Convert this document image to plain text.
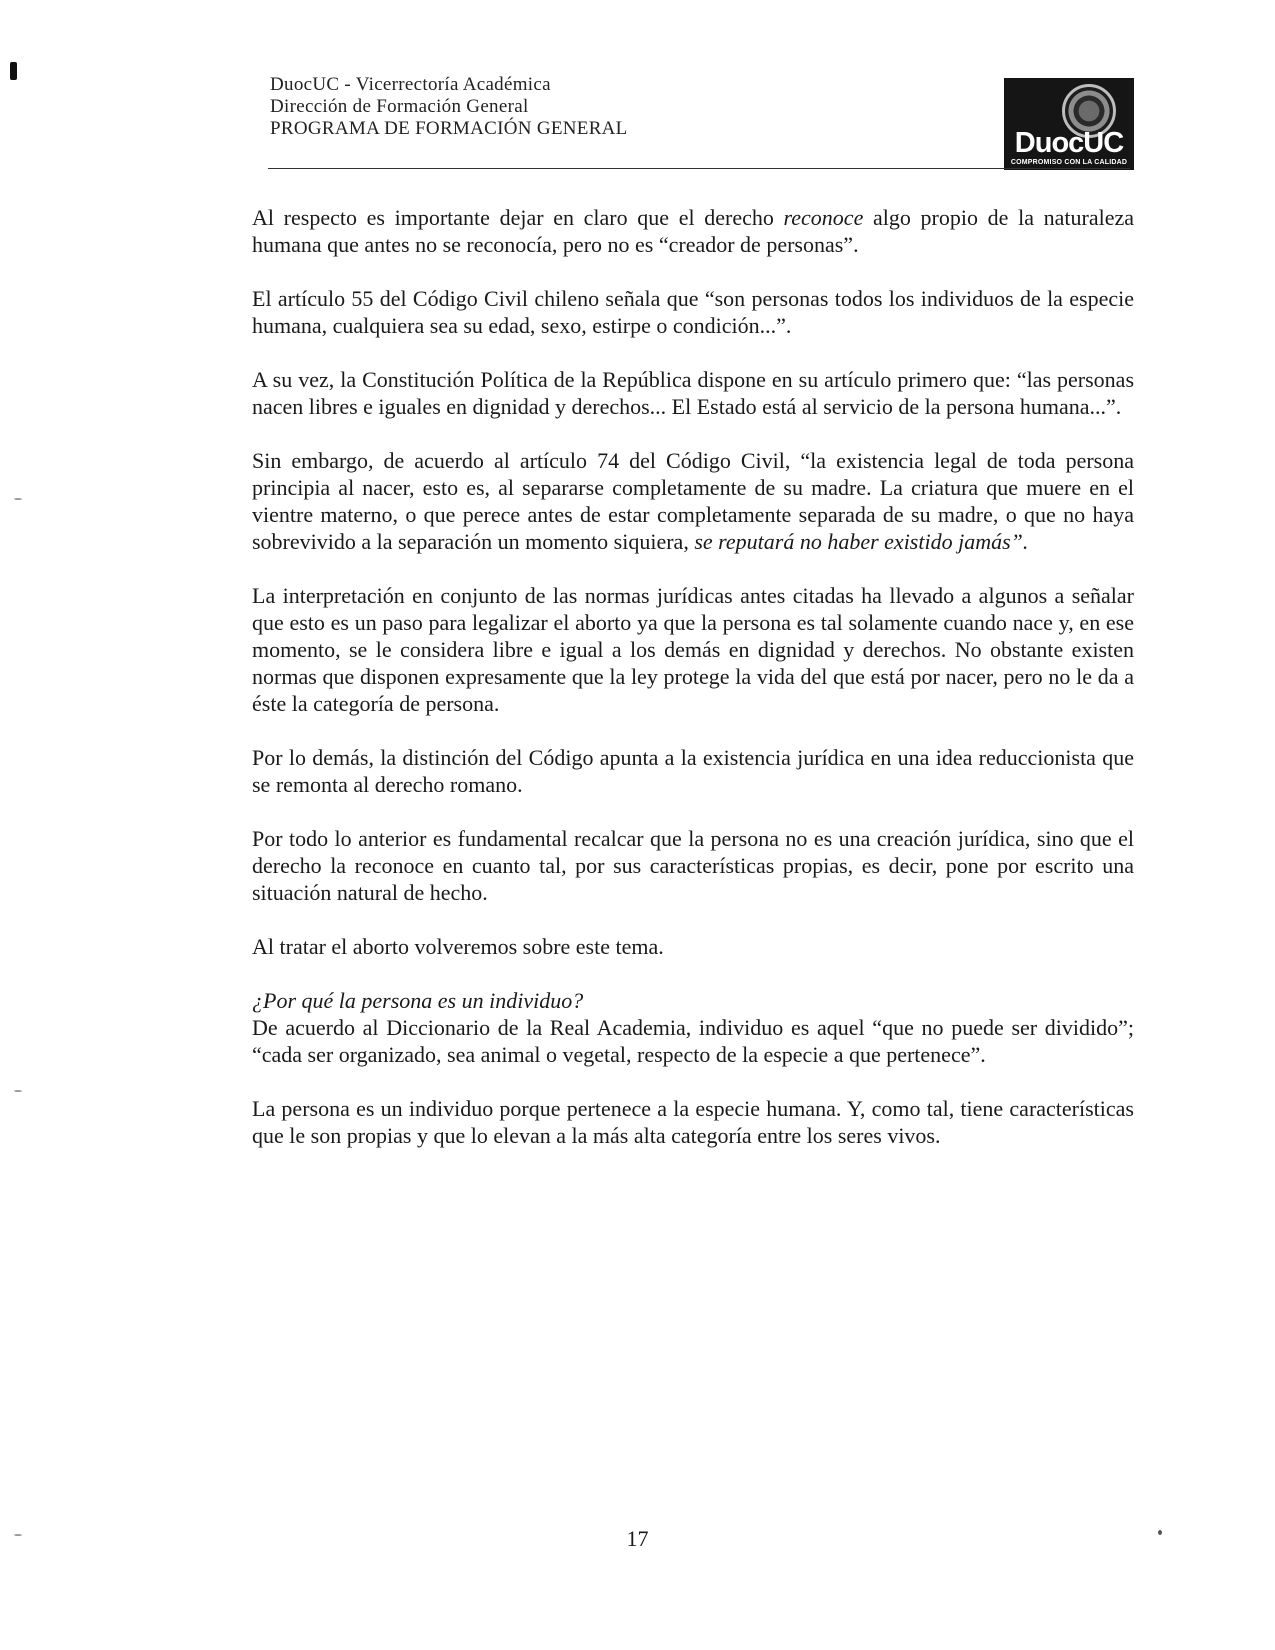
DuocUC - Vicerrectoría Académica
Dirección de Formación General
PROGRAMA DE FORMACIÓN GENERAL	DuocUC
COMPROMISO CON LA CALIDAD

Al respecto es importante dejar en claro que el derecho reconoce algo propio de la naturaleza humana que antes no se reconocía, pero no es “creador de personas”.

El artículo 55 del Código Civil chileno señala que “son personas todos los individuos de la especie humana, cualquiera sea su edad, sexo, estirpe o condición...”.

A su vez, la Constitución Política de la República dispone en su artículo primero que: “las personas nacen libres e iguales en dignidad y derechos... El Estado está al servicio de la persona humana...”.

Sin embargo, de acuerdo al artículo 74 del Código Civil, “la existencia legal de toda persona principia al nacer, esto es, al separarse completamente de su madre. La criatura que muere en el vientre materno, o que perece antes de estar completamente separada de su madre, o que no haya sobrevivido a la separación un momento siquiera, se reputará no haber existido jamás”.

La interpretación en conjunto de las normas jurídicas antes citadas ha llevado a algunos a señalar que esto es un paso para legalizar el aborto ya que la persona es tal solamente cuando nace y, en ese momento, se le considera libre e igual a los demás en dignidad y derechos. No obstante existen normas que disponen expresamente que la ley protege la vida del que está por nacer, pero no le da a éste la categoría de persona.

Por lo demás, la distinción del Código apunta a la existencia jurídica en una idea reduccionista que se remonta al derecho romano.

Por todo lo anterior es fundamental recalcar que la persona no es una creación jurídica, sino que el derecho la reconoce en cuanto tal, por sus características propias, es decir, pone por escrito una situación natural de hecho.

Al tratar el aborto volveremos sobre este tema.

¿Por qué la persona es un individuo?

De acuerdo al Diccionario de la Real Academia, individuo es aquel “que no puede ser dividido”; “cada ser organizado, sea animal o vegetal, respecto de la especie a que pertenece”.

La persona es un individuo porque pertenece a la especie humana. Y, como tal, tiene características que le son propias y que lo elevan a la más alta categoría entre los seres vivos.

17
